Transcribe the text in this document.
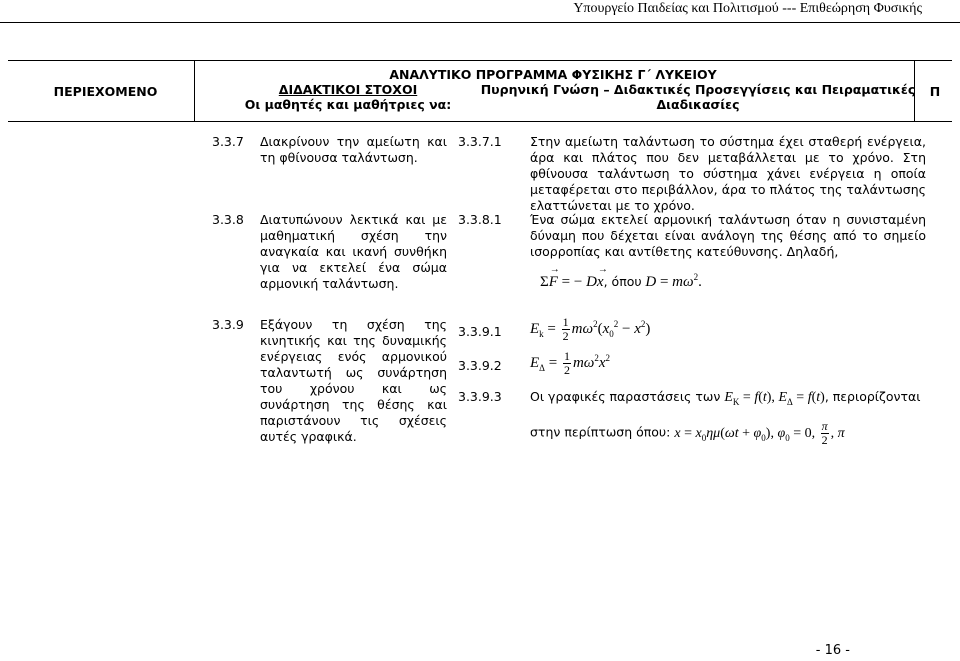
Υπουργείο Παιδείας και Πολιτισμού --- Επιθεώρηση Φυσικής
ΠΕΡΙΕΧΟΜΕΝΟ
ΑΝΑΛΥΤΙΚΟ ΠΡΟΓΡΑΜΜΑ ΦΥΣΙΚΗΣ Γ΄ ΛΥΚΕΙΟΥ
ΔΙΔΑΚΤΙΚΟΙ ΣΤΟΧΟΙ
Οι μαθητές και μαθήτριες να:
Πυρηνική Γνώση – Διδακτικές Προσεγγίσεις και Πειραματικές
Διαδικασίες
Π
3.3.7 Διακρίνουν την αμείωτη και τη φθίνουσα ταλάντωση.
3.3.7.1 Στην αμείωτη ταλάντωση το σύστημα έχει σταθερή ενέργεια, άρα και πλάτος που δεν μεταβάλλεται με το χρόνο. Στη φθίνουσα ταλάντωση το σύστημα χάνει ενέργεια η οποία μεταφέρεται στο περιβάλλον, άρα το πλάτος της ταλάντωσης ελαττώνεται με το χρόνο.
3.3.8 Διατυπώνουν λεκτικά και με μαθηματική σχέση την αναγκαία και ικανή συνθήκη για να εκτελεί ένα σώμα αρμονική ταλάντωση.
3.3.8.1 Ένα σώμα εκτελεί αρμονική ταλάντωση όταν η συνισταμένη δύναμη που δέχεται είναι ανάλογη της θέσης από το σημείο ισορροπίας και αντίθετης κατεύθυνσης. Δηλαδή,
Σ→ F = − D→ x, όπου $D = m\omega^2$.
3.3.9 Εξάγουν τη σχέση της κινητικής και της δυναμικής ενέργειας ενός αρμονικού ταλαντωτή ως συνάρτηση του χρόνου και ως συνάρτηση της θέσης και παριστάνουν τις σχέσεις αυτές γραφικά.
3.3.9.1 $E_k = \frac{1}{2} m\omega^2(x_0^2 - x^2)$
3.3.9.2 $E_\Delta = \frac{1}{2} m\omega^2x^2$
3.3.9.3 Οι γραφικές παραστάσεις των $E_K = f(t)$, $E_\Delta = f(t)$, περιορίζονται
στην περίπτωση όπου: $x = x_0\eta\mu(\omega t + \varphi_0)$, $\varphi_0 = 0$, $\frac{\pi}{2}$ , π
- 16 -
